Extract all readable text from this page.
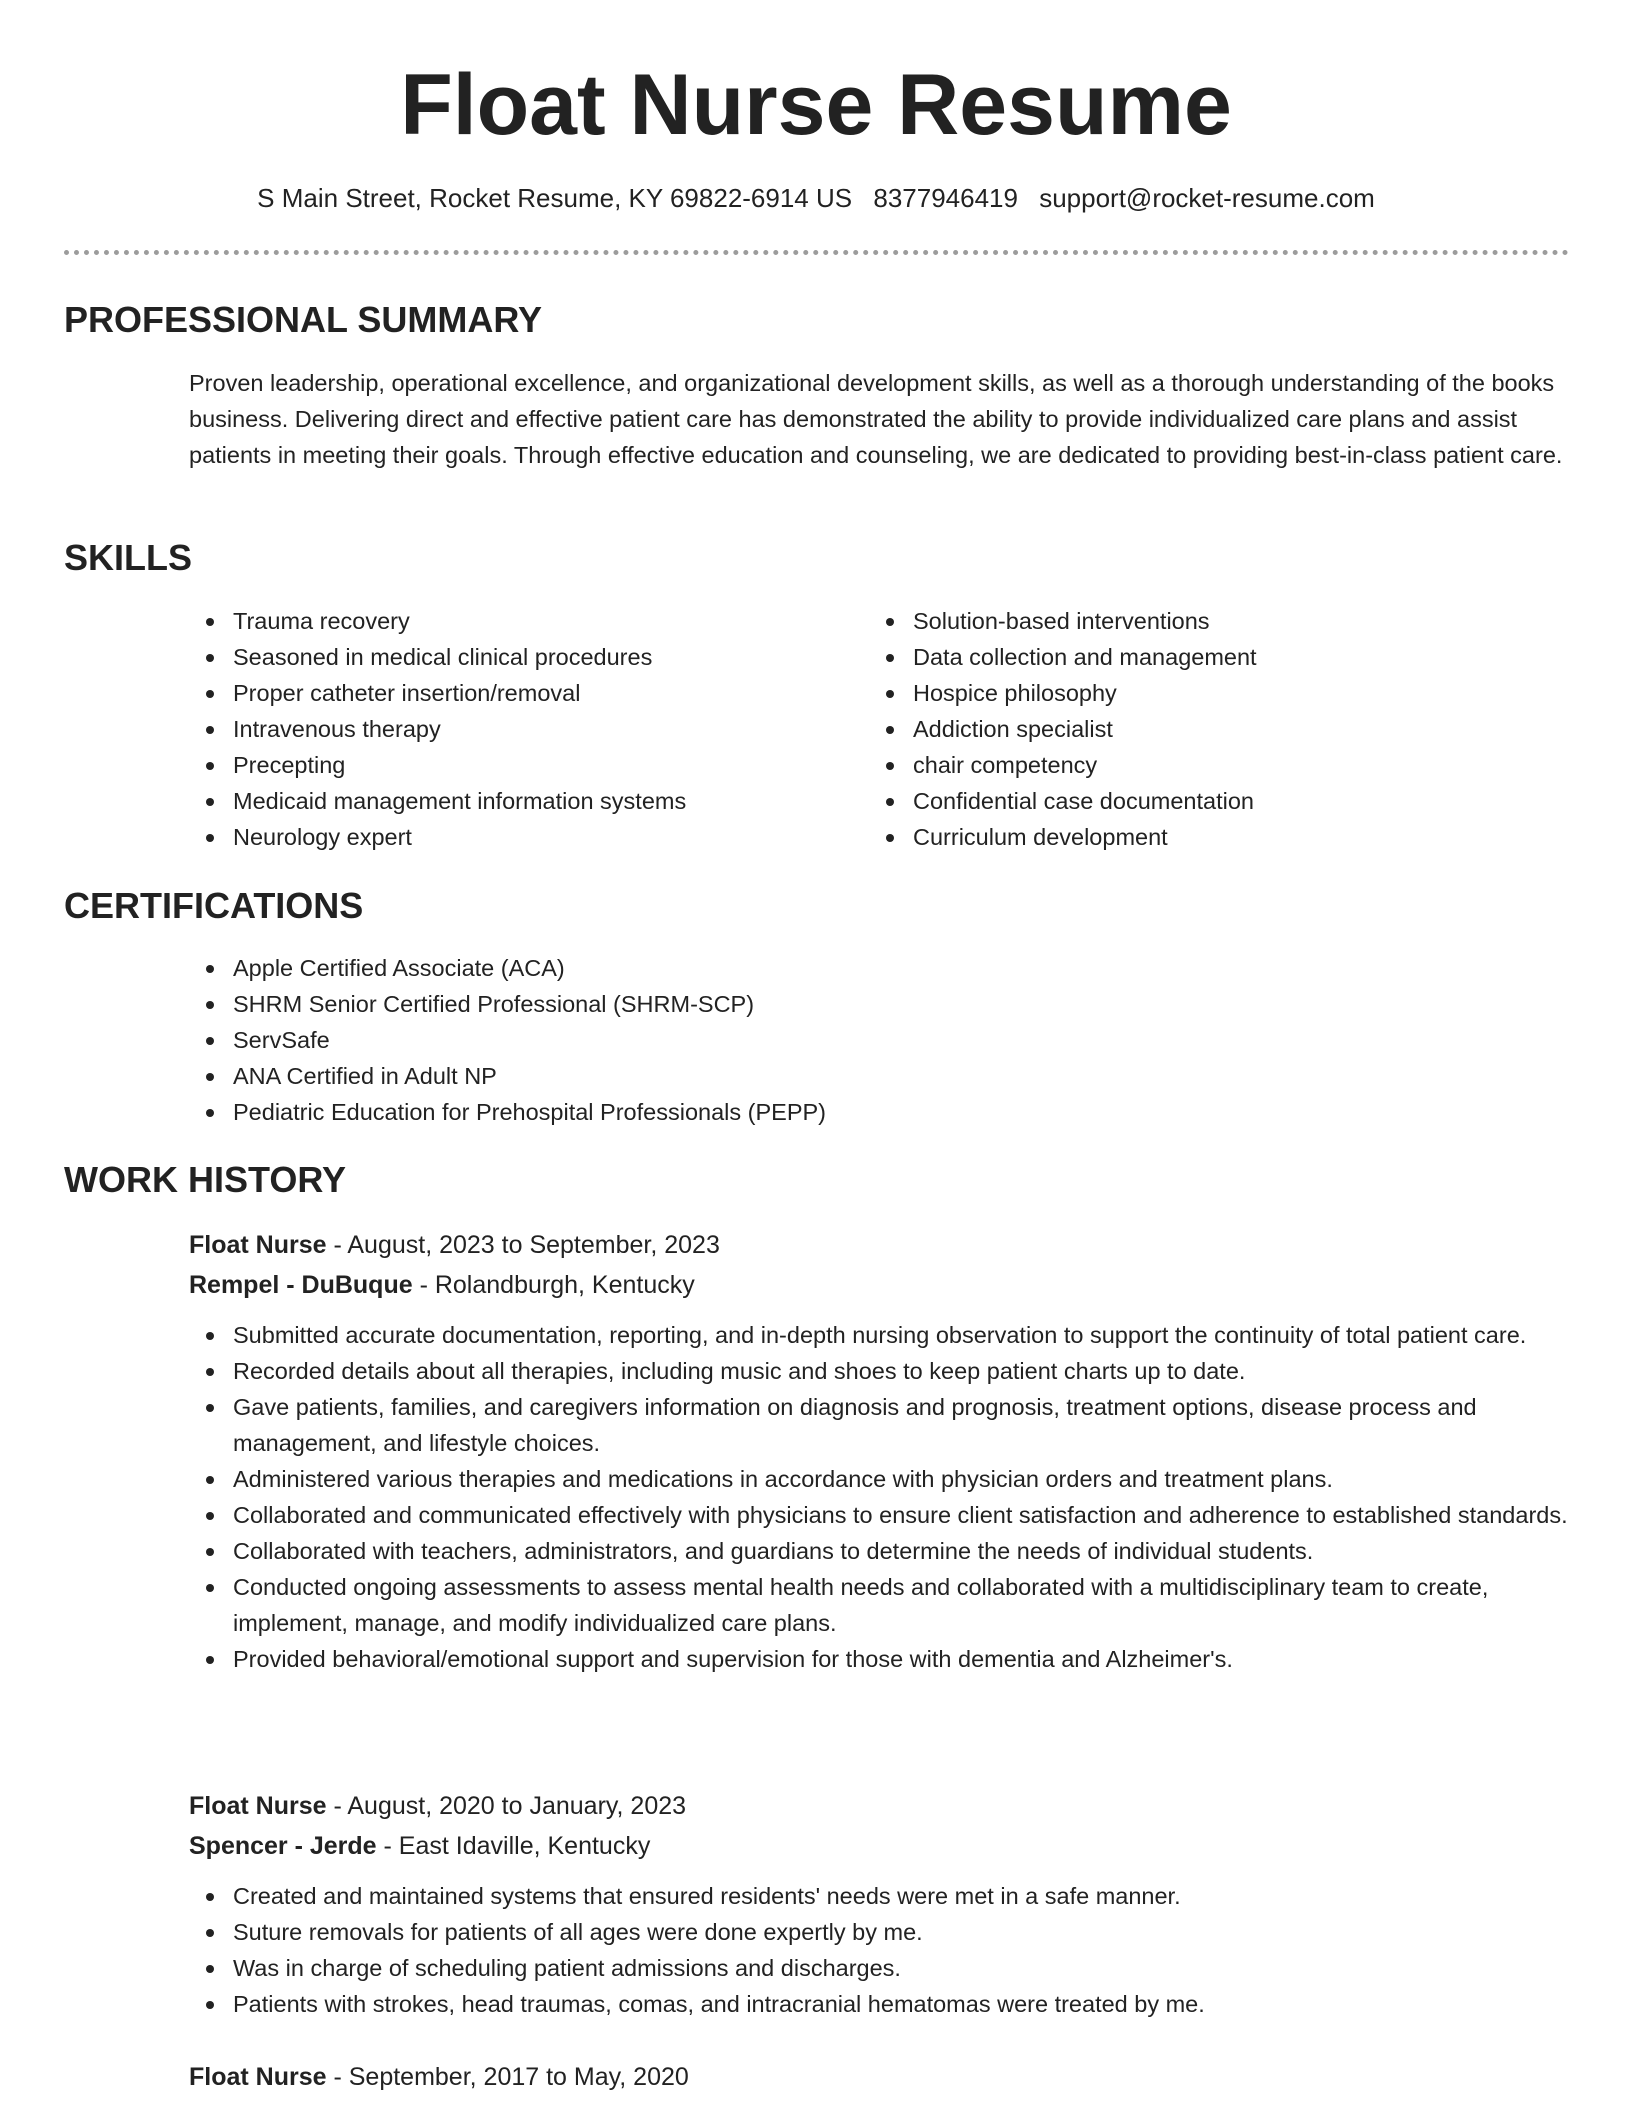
Float Nurse Resume
S Main Street, Rocket Resume, KY 69822-6914 US 8377946419 support@rocket-resume.com
PROFESSIONAL SUMMARY

Proven leadership, operational excellence, and organizational development skills, as well as a thorough understanding of the books business. Delivering direct and effective patient care has demonstrated the ability to provide individualized care plans and assist patients in meeting their goals. Through effective education and counseling, we are dedicated to providing best-in-class patient care.

SKILLS
Trauma recovery
Seasoned in medical clinical procedures
Proper catheter insertion/removal
Intravenous therapy
Precepting
Medicaid management information systems
Neurology expert
Solution-based interventions
Data collection and management
Hospice philosophy
Addiction specialist
chair competency
Confidential case documentation
Curriculum development
CERTIFICATIONS
Apple Certified Associate (ACA)
SHRM Senior Certified Professional (SHRM-SCP)
ServSafe
ANA Certified in Adult NP
Pediatric Education for Prehospital Professionals (PEPP)
WORK HISTORY

Float Nurse - August, 2023 to September, 2023

Rempel - DuBuque - Rolandburgh, Kentucky

Submitted accurate documentation, reporting, and in-depth nursing observation to support the continuity of total patient care.
Recorded details about all therapies, including music and shoes to keep patient charts up to date.
Gave patients, families, and caregivers information on diagnosis and prognosis, treatment options, disease process and management, and lifestyle choices.
Administered various therapies and medications in accordance with physician orders and treatment plans.
Collaborated and communicated effectively with physicians to ensure client satisfaction and adherence to established standards.
Collaborated with teachers, administrators, and guardians to determine the needs of individual students.
Conducted ongoing assessments to assess mental health needs and collaborated with a multidisciplinary team to create, implement, manage, and modify individualized care plans.
Provided behavioral/emotional support and supervision for those with dementia and Alzheimer's.

Float Nurse - August, 2020 to January, 2023

Spencer - Jerde - East Idaville, Kentucky

Created and maintained systems that ensured residents' needs were met in a safe manner.
Suture removals for patients of all ages were done expertly by me.
Was in charge of scheduling patient admissions and discharges.
Patients with strokes, head traumas, comas, and intracranial hematomas were treated by me.

Float Nurse - September, 2017 to May, 2020
